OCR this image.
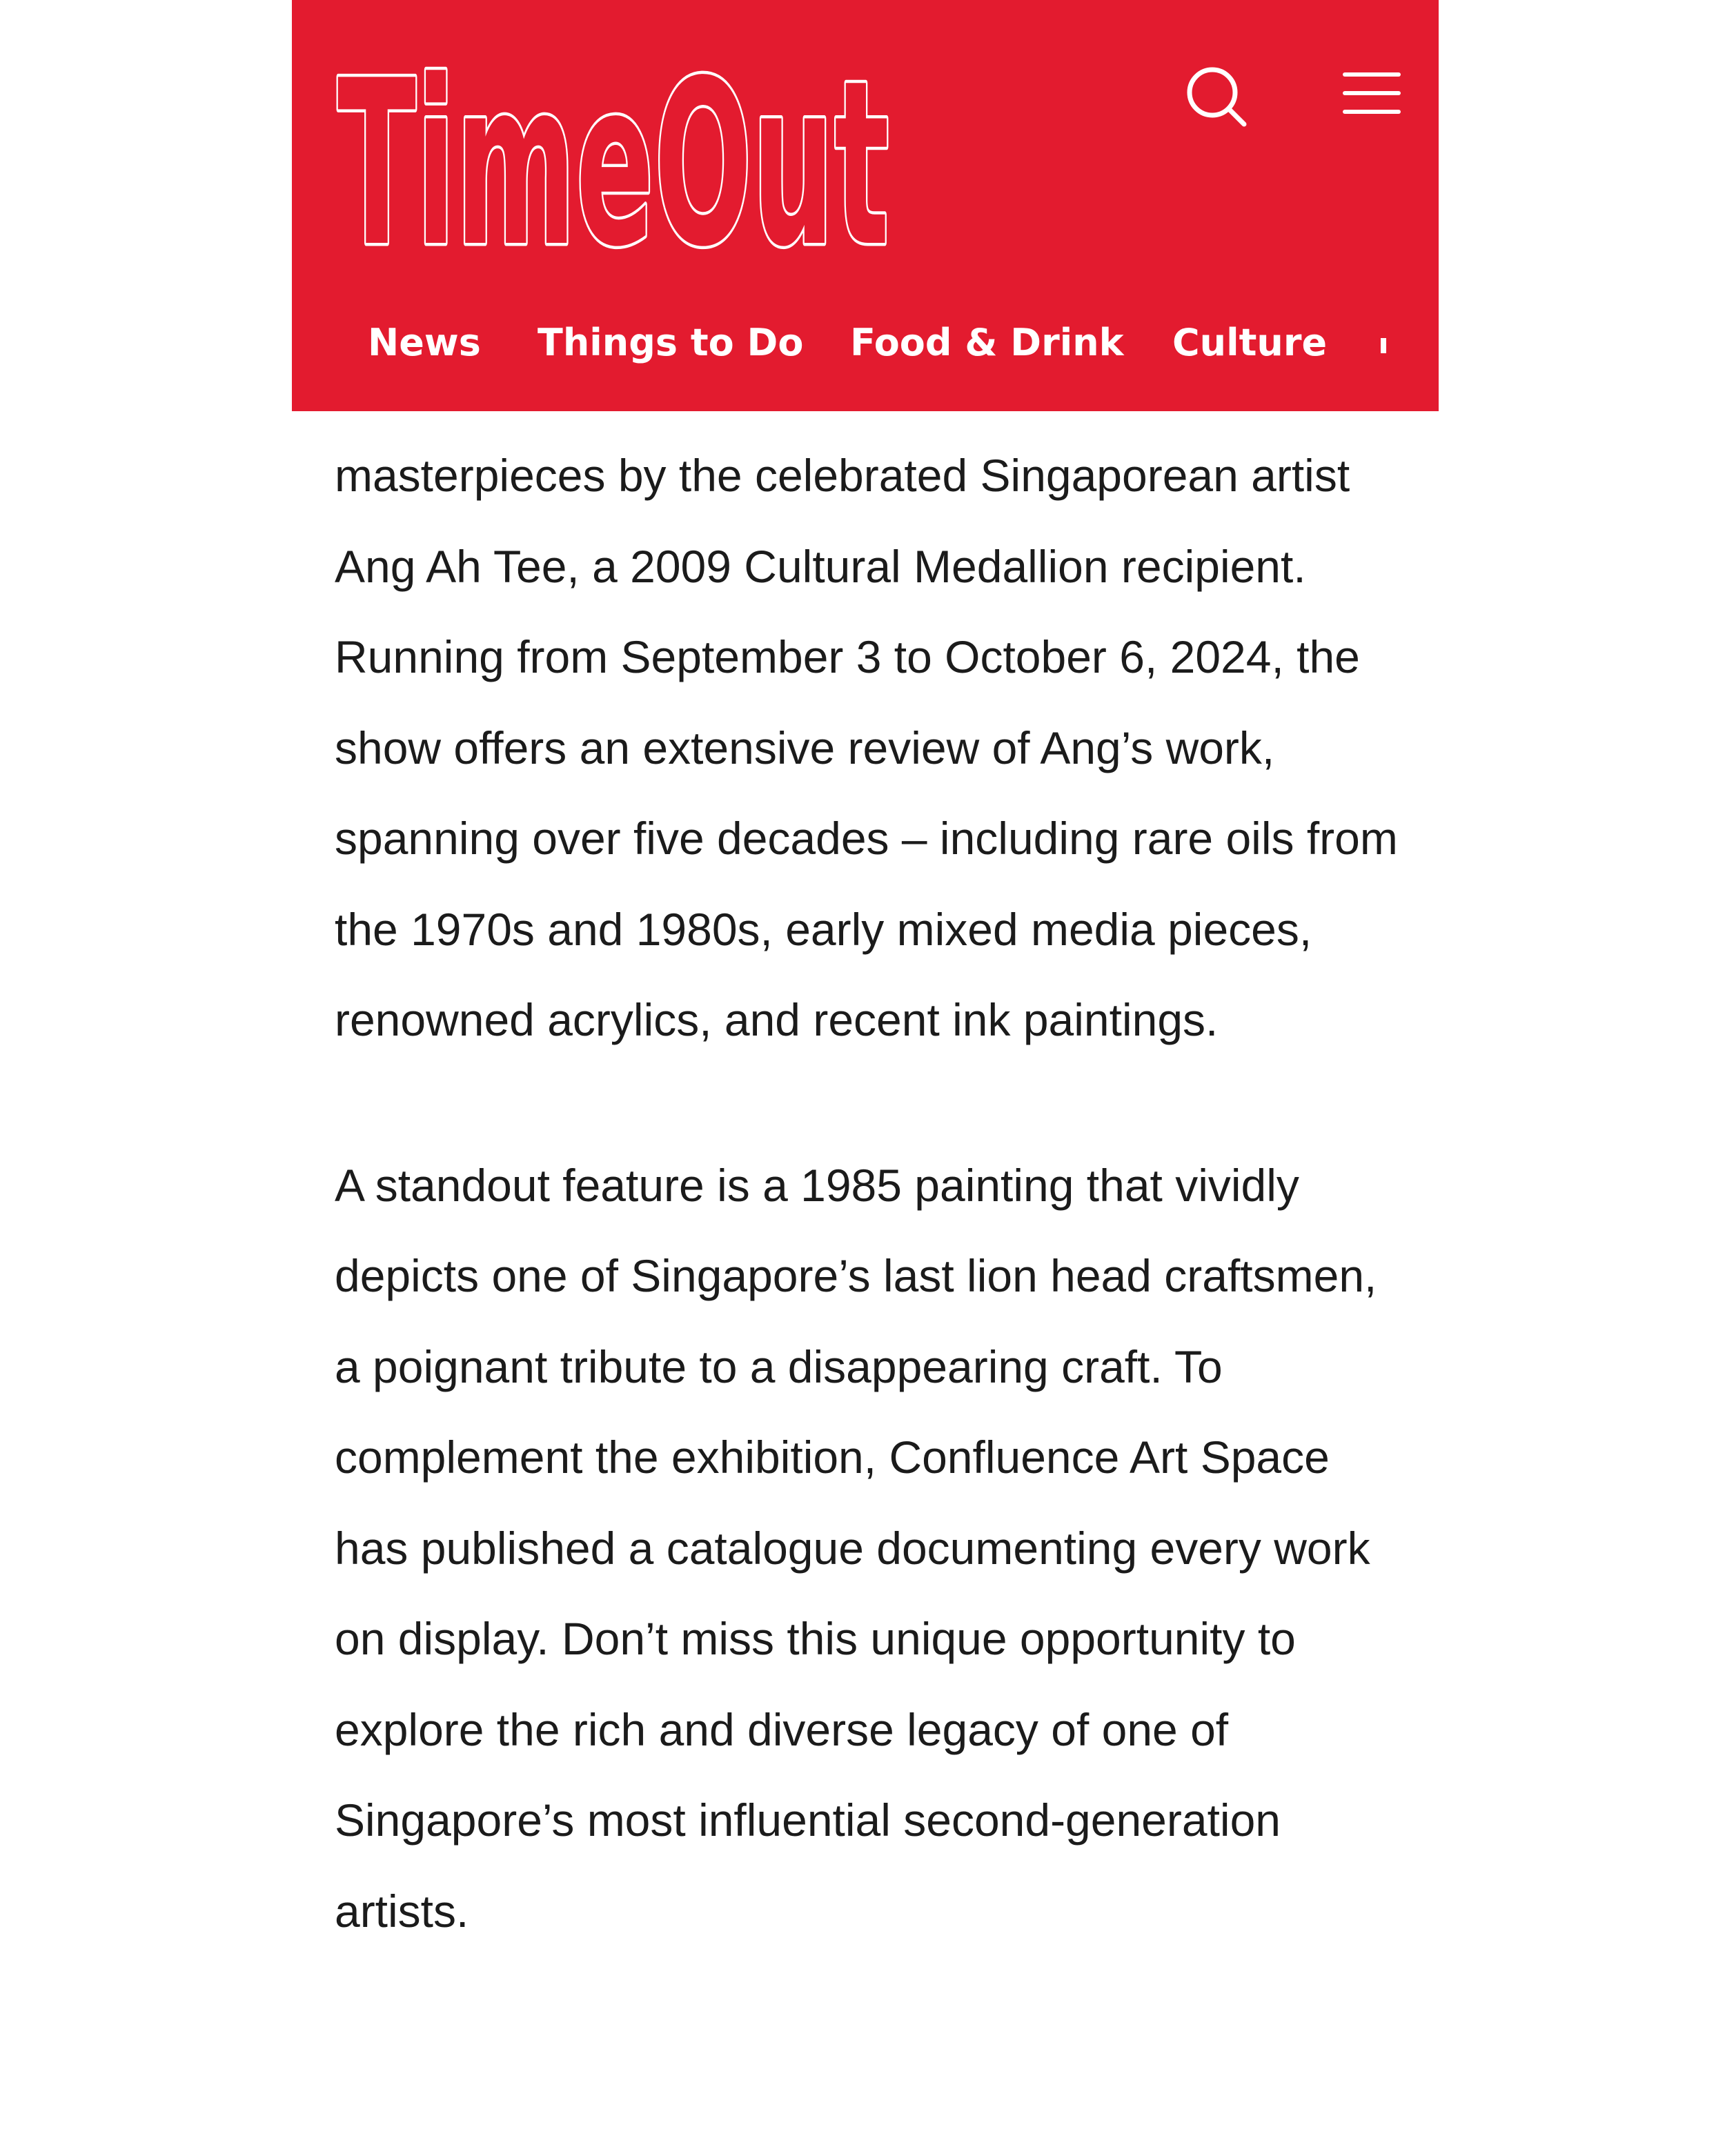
TimeOut
News Things to Do Food & Drink Culture

masterpieces by the celebrated Singaporean artist Ang Ah Tee, a 2009 Cultural Medallion recipient. Running from September 3 to October 6, 2024, the show offers an extensive review of Ang’s work, spanning over five decades – including rare oils from the 1970s and 1980s, early mixed media pieces, renowned acrylics, and recent ink paintings.

A standout feature is a 1985 painting that vividly depicts one of Singapore’s last lion head craftsmen, a poignant tribute to a disappearing craft. To complement the exhibition, Confluence Art Space has published a catalogue documenting every work on display. Don’t miss this unique opportunity to explore the rich and diverse legacy of one of Singapore’s most influential second-generation artists.
